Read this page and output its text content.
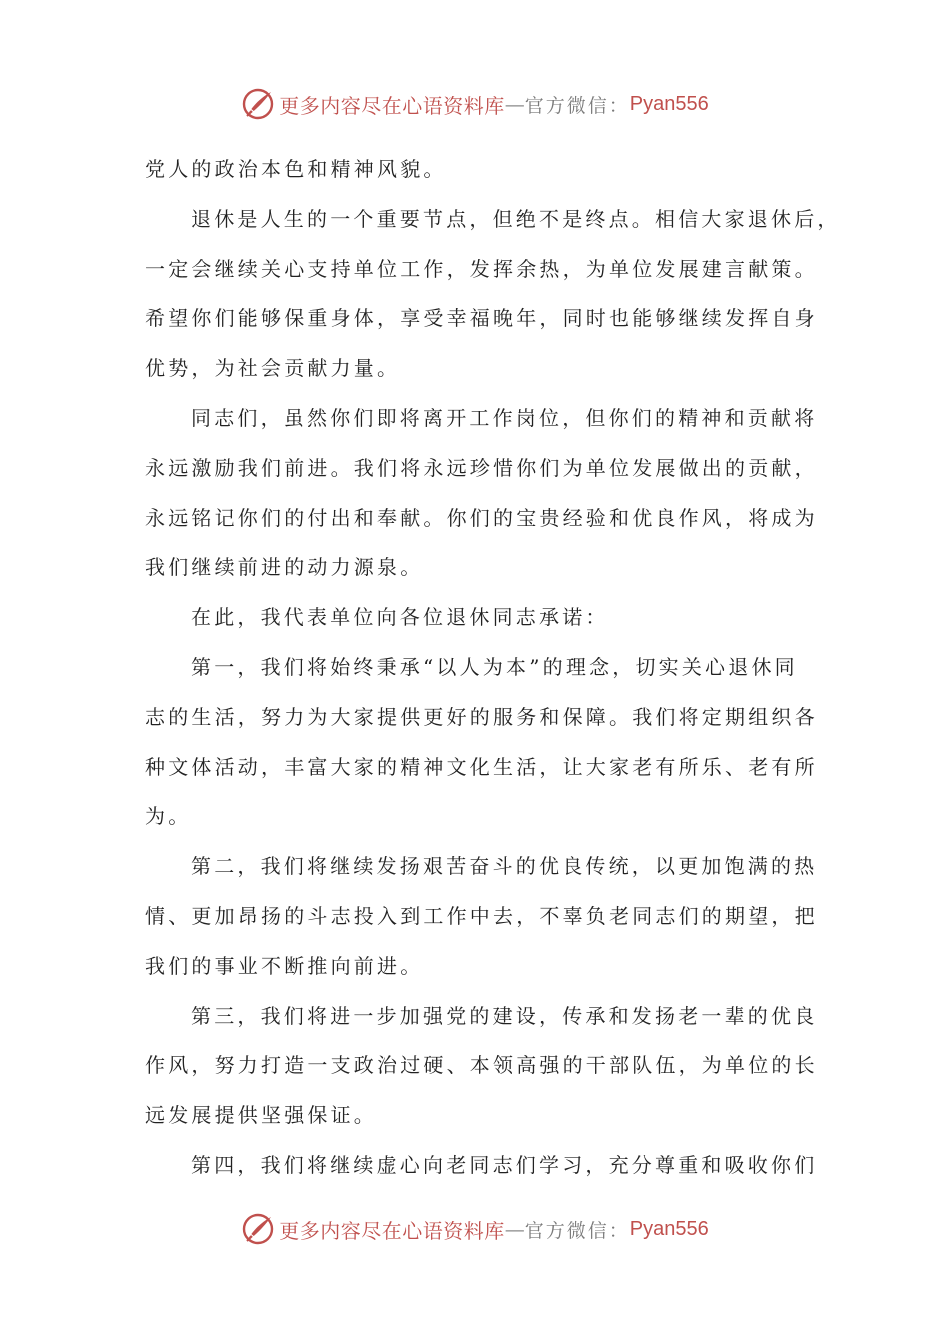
更多内容尽在心语资料库 — 官方微信： Pyan556
党人的政治本色和精神风貌。
退休是人生的一个重要节点，但绝不是终点。相信大家退休后，
一定会继续关心支持单位工作，发挥余热，为单位发展建言献策。
希望你们能够保重身体，享受幸福晚年，同时也能够继续发挥自身
优势，为社会贡献力量。
同志们，虽然你们即将离开工作岗位，但你们的精神和贡献将
永远激励我们前进。我们将永远珍惜你们为单位发展做出的贡献，
永远铭记你们的付出和奉献。你们的宝贵经验和优良作风，将成为
我们继续前进的动力源泉。
在此，我代表单位向各位退休同志承诺：
第一，我们将始终秉承“以人为本”的理念，切实关心退休同
志的生活，努力为大家提供更好的服务和保障。我们将定期组织各
种文体活动，丰富大家的精神文化生活，让大家老有所乐、老有所
为。
第二，我们将继续发扬艰苦奋斗的优良传统，以更加饱满的热
情、更加昂扬的斗志投入到工作中去，不辜负老同志们的期望，把
我们的事业不断推向前进。
第三，我们将进一步加强党的建设，传承和发扬老一辈的优良
作风，努力打造一支政治过硬、本领高强的干部队伍，为单位的长
远发展提供坚强保证。
第四，我们将继续虚心向老同志们学习，充分尊重和吸收你们
更多内容尽在心语资料库 — 官方微信： Pyan556
